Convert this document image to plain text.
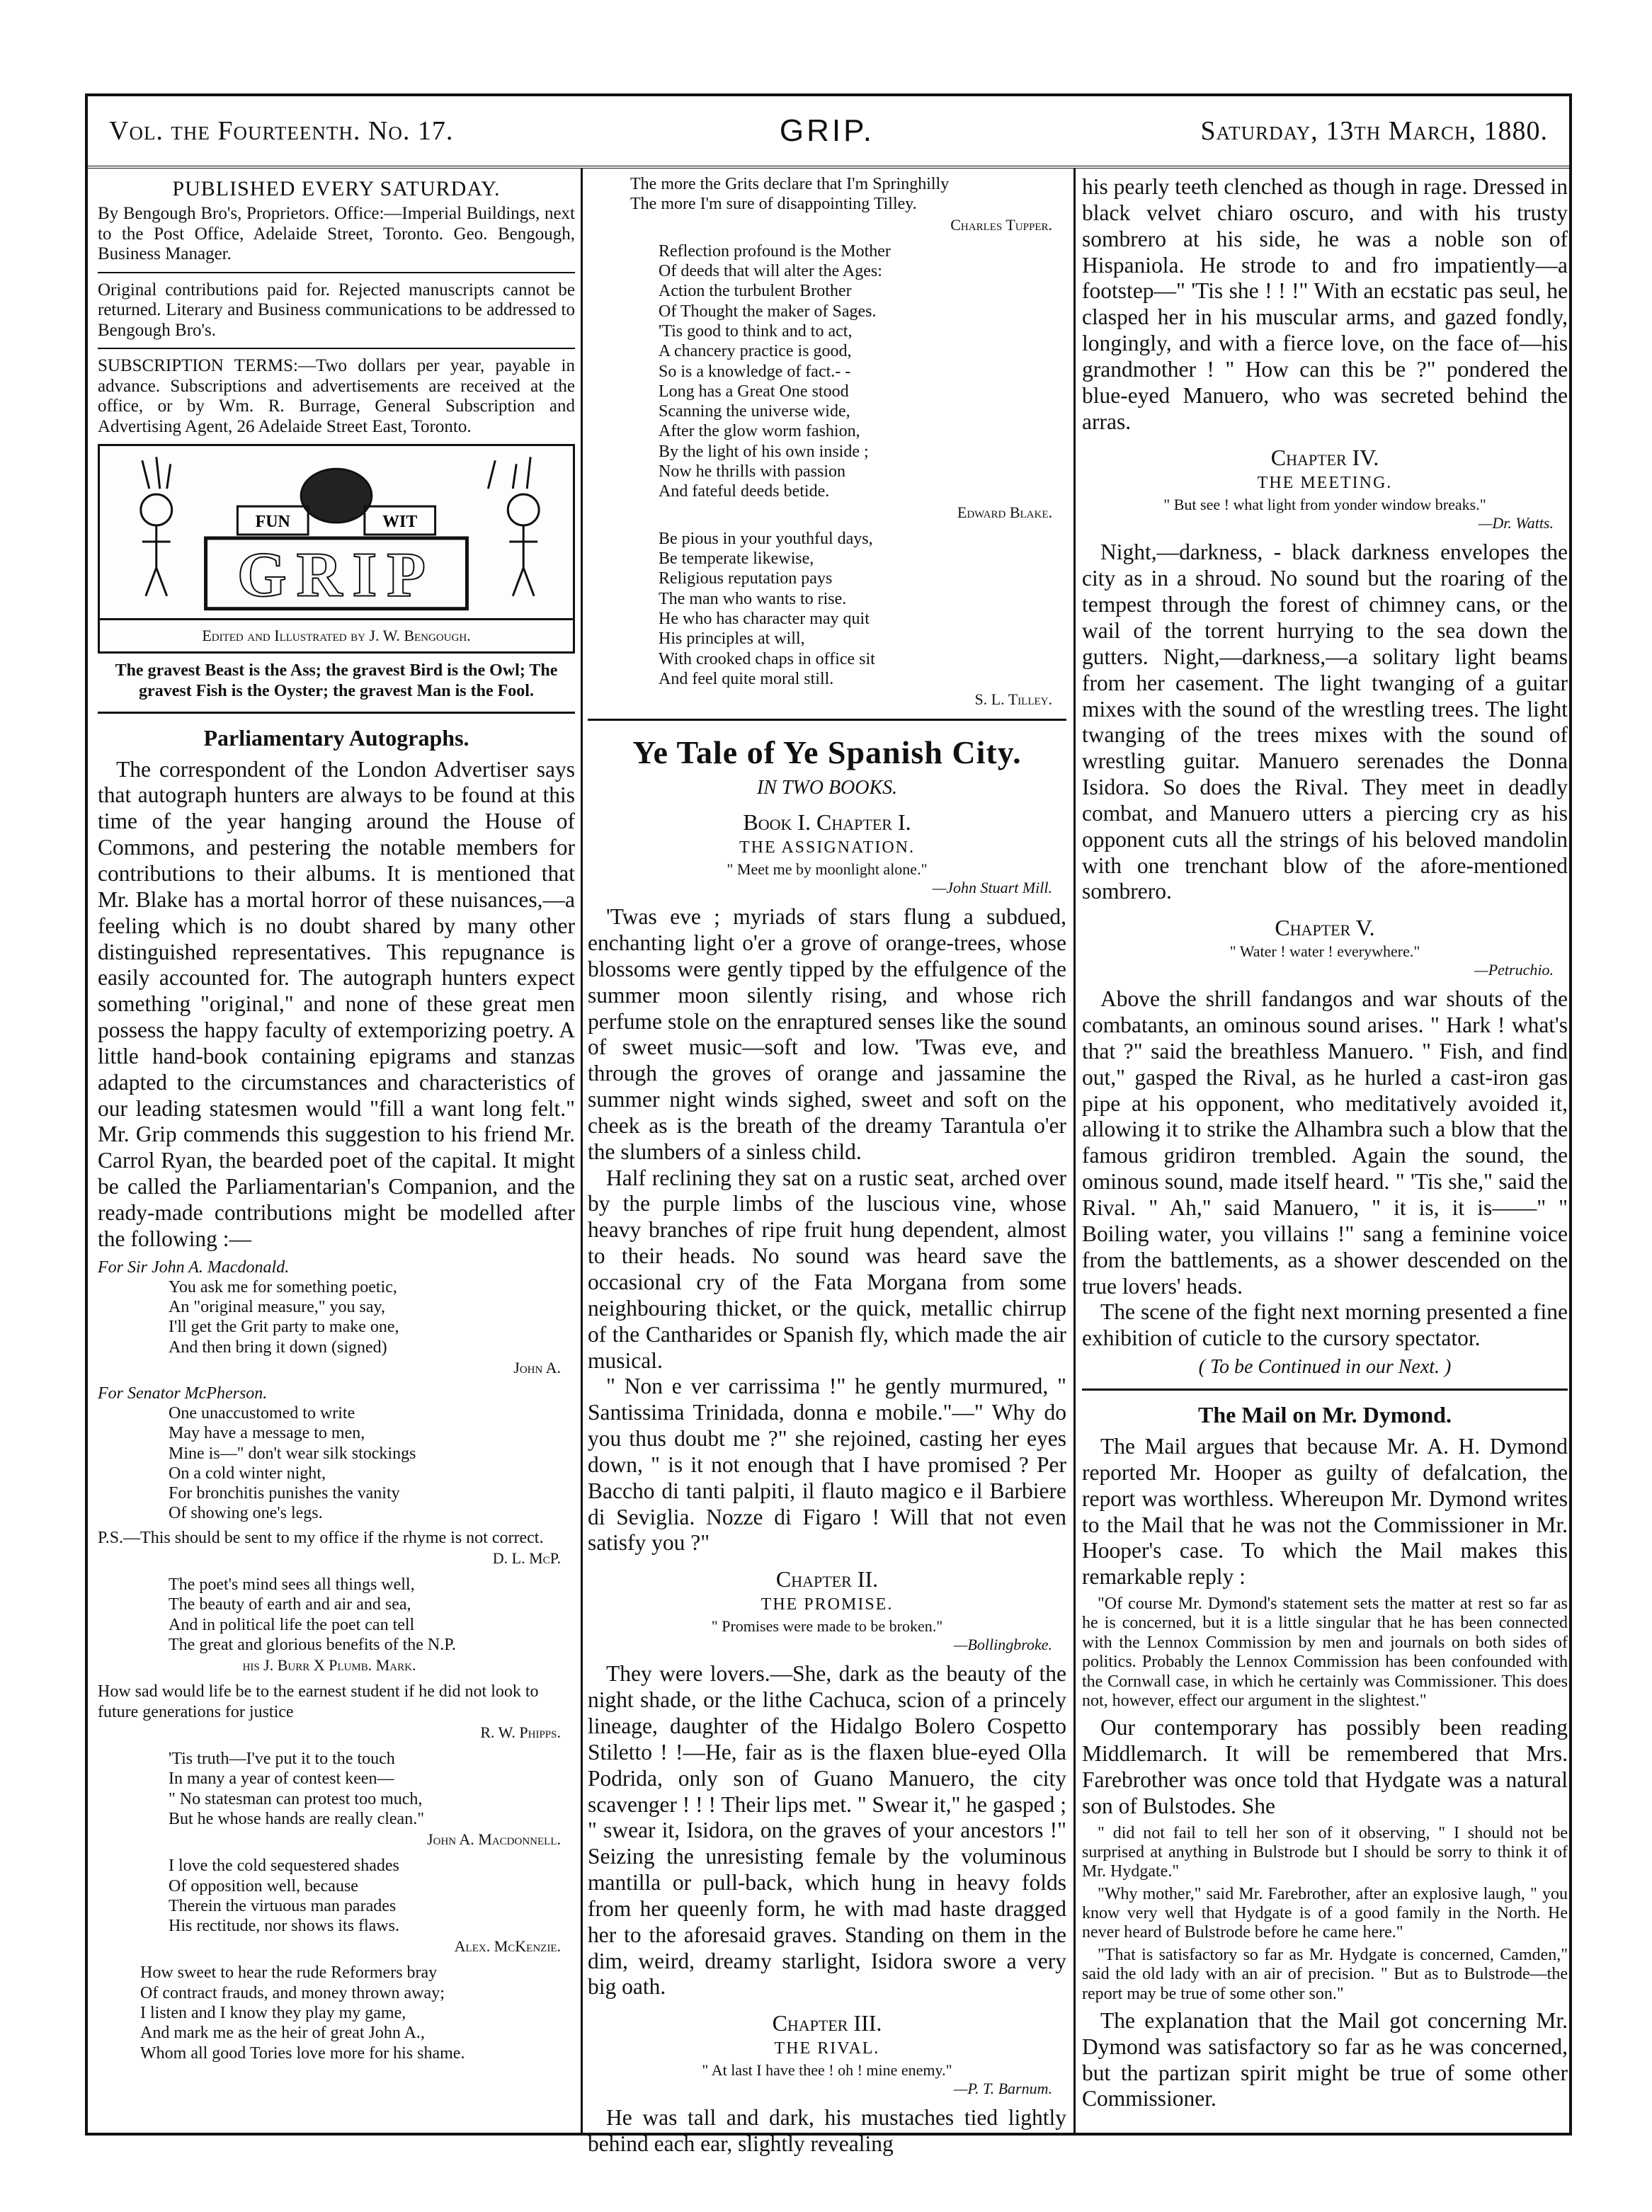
Vol. the Fourteenth. No. 17.	GRIP.	Saturday, 13th March, 1880.
PUBLISHED EVERY SATURDAY.
By Bengough Bro's, Proprietors. Office:—Imperial Buildings, next to the Post Office, Adelaide Street, Toronto. Geo. Bengough, Business Manager.
Original contributions paid for. Rejected manuscripts cannot be returned. Literary and Business communications to be addressed to Bengough Bro's.
SUBSCRIPTION TERMS:—Two dollars per year, payable in advance. Subscriptions and advertisements are received at the office, or by Wm. R. Burrage, General Subscription and Advertising Agent, 26 Adelaide Street East, Toronto.
FUN	WIT
GRIP
Edited and Illustrated by J. W. Bengough.
The gravest Beast is the Ass; the gravest Bird is the Owl; The gravest Fish is the Oyster; the gravest Man is the Fool.
Parliamentary Autographs.

The correspondent of the London Advertiser says that autograph hunters are always to be found at this time of the year hanging around the House of Commons, and pestering the notable members for contributions to their albums. It is mentioned that Mr. Blake has a mortal horror of these nuisances,—a feeling which is no doubt shared by many other distinguished representatives. This repugnance is easily accounted for. The autograph hunters expect something "original," and none of these great men possess the happy faculty of extemporizing poetry. A little hand-book containing epigrams and stanzas adapted to the circumstances and characteristics of our leading statesmen would "fill a want long felt." Mr. Grip commends this suggestion to his friend Mr. Carrol Ryan, the bearded poet of the capital. It might be called the Parliamentarian's Companion, and the ready-made contributions might be modelled after the following :—

For Sir John A. Macdonald.
You ask me for something poetic,
An "original measure," you say,
I'll get the Grit party to make one,
And then bring it down (signed)
John A.
For Senator McPherson.
One unaccustomed to write
May have a message to men,
Mine is—" don't wear silk stockings
On a cold winter night,
For bronchitis punishes the vanity
Of showing one's legs.
P.S.—This should be sent to my office if the rhyme is not correct.
D. L. McP.
The poet's mind sees all things well,
The beauty of earth and air and sea,
And in political life the poet can tell
The great and glorious benefits of the N.P.
his J. Burr X Plumb. Mark.
How sad would life be to the earnest student if he did not look to future generations for justice
R. W. Phipps.
'Tis truth—I've put it to the touch
In many a year of contest keen—
" No statesman can protest too much,
But he whose hands are really clean."
John A. Macdonnell.
I love the cold sequestered shades
Of opposition well, because
Therein the virtuous man parades
His rectitude, nor shows its flaws.
Alex. McKenzie.
How sweet to hear the rude Reformers bray
Of contract frauds, and money thrown away;
I listen and I know they play my game,
And mark me as the heir of great John A.,
Whom all good Tories love more for his shame.
The more the Grits declare that I'm Springhilly
The more I'm sure of disappointing Tilley.
Charles Tupper.
Reflection profound is the Mother
Of deeds that will alter the Ages:
Action the turbulent Brother
Of Thought the maker of Sages.
'Tis good to think and to act,
A chancery practice is good,
So is a knowledge of fact.- -
Long has a Great One stood
Scanning the universe wide,
After the glow worm fashion,
By the light of his own inside ;
Now he thrills with passion
And fateful deeds betide.
Edward Blake.
Be pious in your youthful days,
Be temperate likewise,
Religious reputation pays
The man who wants to rise.
He who has character may quit
His principles at will,
With crooked chaps in office sit
And feel quite moral still.
S. L. Tilley.
Ye Tale of Ye Spanish City.
IN TWO BOOKS.
Book I. Chapter I.
THE ASSIGNATION.
" Meet me by moonlight alone."
—John Stuart Mill.

'Twas eve ; myriads of stars flung a subdued, enchanting light o'er a grove of orange-trees, whose blossoms were gently tipped by the effulgence of the summer moon silently rising, and whose rich perfume stole on the enraptured senses like the sound of sweet music—soft and low. 'Twas eve, and through the groves of orange and jassamine the summer night winds sighed, sweet and soft on the cheek as is the breath of the dreamy Tarantula o'er the slumbers of a sinless child.

Half reclining they sat on a rustic seat, arched over by the purple limbs of the luscious vine, whose heavy branches of ripe fruit hung dependent, almost to their heads. No sound was heard save the occasional cry of the Fata Morgana from some neighbouring thicket, or the quick, metallic chirrup of the Cantharides or Spanish fly, which made the air musical.

" Non e ver carrissima !" he gently murmured, " Santissima Trinidada, donna e mobile."—" Why do you thus doubt me ?" she rejoined, casting her eyes down, " is it not enough that I have promised ? Per Baccho di tanti palpiti, il flauto magico e il Barbiere di Seviglia. Nozze di Figaro ! Will that not even satisfy you ?"

Chapter II.
THE PROMISE.
" Promises were made to be broken."
—Bollingbroke.

They were lovers.—She, dark as the beauty of the night shade, or the lithe Cachuca, scion of a princely lineage, daughter of the Hidalgo Bolero Cospetto Stiletto ! !—He, fair as is the flaxen blue-eyed Olla Podrida, only son of Guano Manuero, the city scavenger ! ! ! Their lips met. " Swear it," he gasped ; " swear it, Isidora, on the graves of your ancestors !" Seizing the unresisting female by the voluminous mantilla or pull-back, which hung in heavy folds from her queenly form, he with mad haste dragged her to the aforesaid graves. Standing on them in the dim, weird, dreamy starlight, Isidora swore a very big oath.

Chapter III.
THE RIVAL.
" At last I have thee ! oh ! mine enemy."
—P. T. Barnum.

He was tall and dark, his mustaches tied lightly behind each ear, slightly revealing

his pearly teeth clenched as though in rage. Dressed in black velvet chiaro oscuro, and with his trusty sombrero at his side, he was a noble son of Hispaniola. He strode to and fro impatiently—a footstep—" 'Tis she ! ! !" With an ecstatic pas seul, he clasped her in his muscular arms, and gazed fondly, longingly, and with a fierce love, on the face of—his grandmother ! " How can this be ?" pondered the blue-eyed Manuero, who was secreted behind the arras.

Chapter IV.
THE MEETING.
" But see ! what light from yonder window breaks."
—Dr. Watts.

Night,—darkness, - black darkness envelopes the city as in a shroud. No sound but the roaring of the tempest through the forest of chimney cans, or the wail of the torrent hurrying to the sea down the gutters. Night,—darkness,—a solitary light beams from her casement. The light twanging of a guitar mixes with the sound of the wrestling trees. The light twanging of the trees mixes with the sound of wrestling guitar. Manuero serenades the Donna Isidora. So does the Rival. They meet in deadly combat, and Manuero utters a piercing cry as his opponent cuts all the strings of his beloved mandolin with one trenchant blow of the afore-mentioned sombrero.

Chapter V.
" Water ! water ! everywhere."
—Petruchio.

Above the shrill fandangos and war shouts of the combatants, an ominous sound arises. " Hark ! what's that ?" said the breathless Manuero. " Fish, and find out," gasped the Rival, as he hurled a cast-iron gas pipe at his opponent, who meditatively avoided it, allowing it to strike the Alhambra such a blow that the famous gridiron trembled. Again the sound, the ominous sound, made itself heard. " 'Tis she," said the Rival. " Ah," said Manuero, " it is, it is——" " Boiling water, you villains !" sang a feminine voice from the battlements, as a shower descended on the true lovers' heads.

The scene of the fight next morning presented a fine exhibition of cuticle to the cursory spectator.

( To be Continued in our Next. )
The Mail on Mr. Dymond.

The Mail argues that because Mr. A. H. Dymond reported Mr. Hooper as guilty of defalcation, the report was worthless. Whereupon Mr. Dymond writes to the Mail that he was not the Commissioner in Mr. Hooper's case. To which the Mail makes this remarkable reply :

"Of course Mr. Dymond's statement sets the matter at rest so far as he is concerned, but it is a little singular that he has been connected with the Lennox Commission by men and journals on both sides of politics. Probably the Lennox Commission has been confounded with the Cornwall case, in which he certainly was Commissioner. This does not, however, effect our argument in the slightest."

Our contemporary has possibly been reading Middlemarch. It will be remembered that Mrs. Farebrother was once told that Hydgate was a natural son of Bulstodes. She

" did not fail to tell her son of it observing, " I should not be surprised at anything in Bulstrode but I should be sorry to think it of Mr. Hydgate."

"Why mother," said Mr. Farebrother, after an explosive laugh, " you know very well that Hydgate is of a good family in the North. He never heard of Bulstrode before he came here."

"That is satisfactory so far as Mr. Hydgate is concerned, Camden," said the old lady with an air of precision. " But as to Bulstrode—the report may be true of some other son."

The explanation that the Mail got concerning Mr. Dymond was satisfactory so far as he was concerned, but the partizan spirit might be true of some other Commissioner.
